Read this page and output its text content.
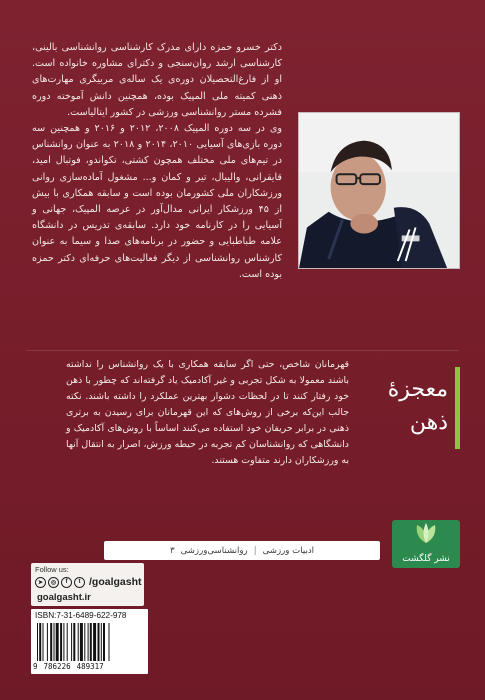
دکتر خسرو حمزه دارای مدرک کارشناسی روانشناسی بالینی، کارشناسی ارشد روان‌سنجی و دکترای مشاوره خانواده است. او از فارغ‌التحصیلان دوره‌ی یک ساله‌ی مربیگری مهارت‌های ذهنی کمیته ملی المپیک بوده، همچنین دانش آموخته دوره فشرده مستر روانشناسی ورزشی در کشور ایتالیاست.

وی در سه دوره المپیک ۲۰۰۸، ۲۰۱۲ و ۲۰۱۶ و همچنین سه دوره بازی‌های آسیایی ۲۰۱۰، ۲۰۱۴ و ۲۰۱۸ به عنوان روانشناس در تیم‌های ملی مختلف همچون کشتی، تکواندو، فوتبال امید، قایقرانی، والیبال، تیر و کمان و... مشغول آماده‌سازی روانی ورزشکاران ملی کشورمان بوده است و سابقه همکاری با بیش از ۴۵ ورزشکار ایرانی مدال‌آور در عرصه المپیک، جهانی و آسیایی را در کارنامه خود دارد. سابقه‌ی تدریس در دانشگاه علامه طباطبایی و حضور در برنامه‌های صدا و سیما به عنوان کارشناس روانشناسی از دیگر فعالیت‌های حرفه‌ای دکتر حمزه بوده است.

قهرمانان شاخص، حتی اگر سابقه همکاری با یک روانشناس را نداشته باشند معمولا به شکل تجربی و غیر آکادمیک یاد گرفته‌اند که چطور با ذهن خود رفتار کنند تا در لحظات دشوار بهترین عملکرد را داشته باشند. نکته جالب این‌که برخی از روش‌های که این قهرمانان برای رسیدن به برتری ذهنی در برابر حریفان خود استفاده می‌کنند اساساً با روش‌های آکادمیک و دانشگاهی که روانشناسان کم تجربه در حیطه ورزش، اصرار به انتقال آنها به ورزشکاران دارند متفاوت هستند.
معجزهٔ
ذهن
ادبیات ورزشی
|
روانشناسی‌ورزشی
۳
نشر گلگشت
Follow us:
➤	◎	f	t /goalgasht
goalgasht.ir
ISBN:7-31-6489-622-978
9 786226 489317
